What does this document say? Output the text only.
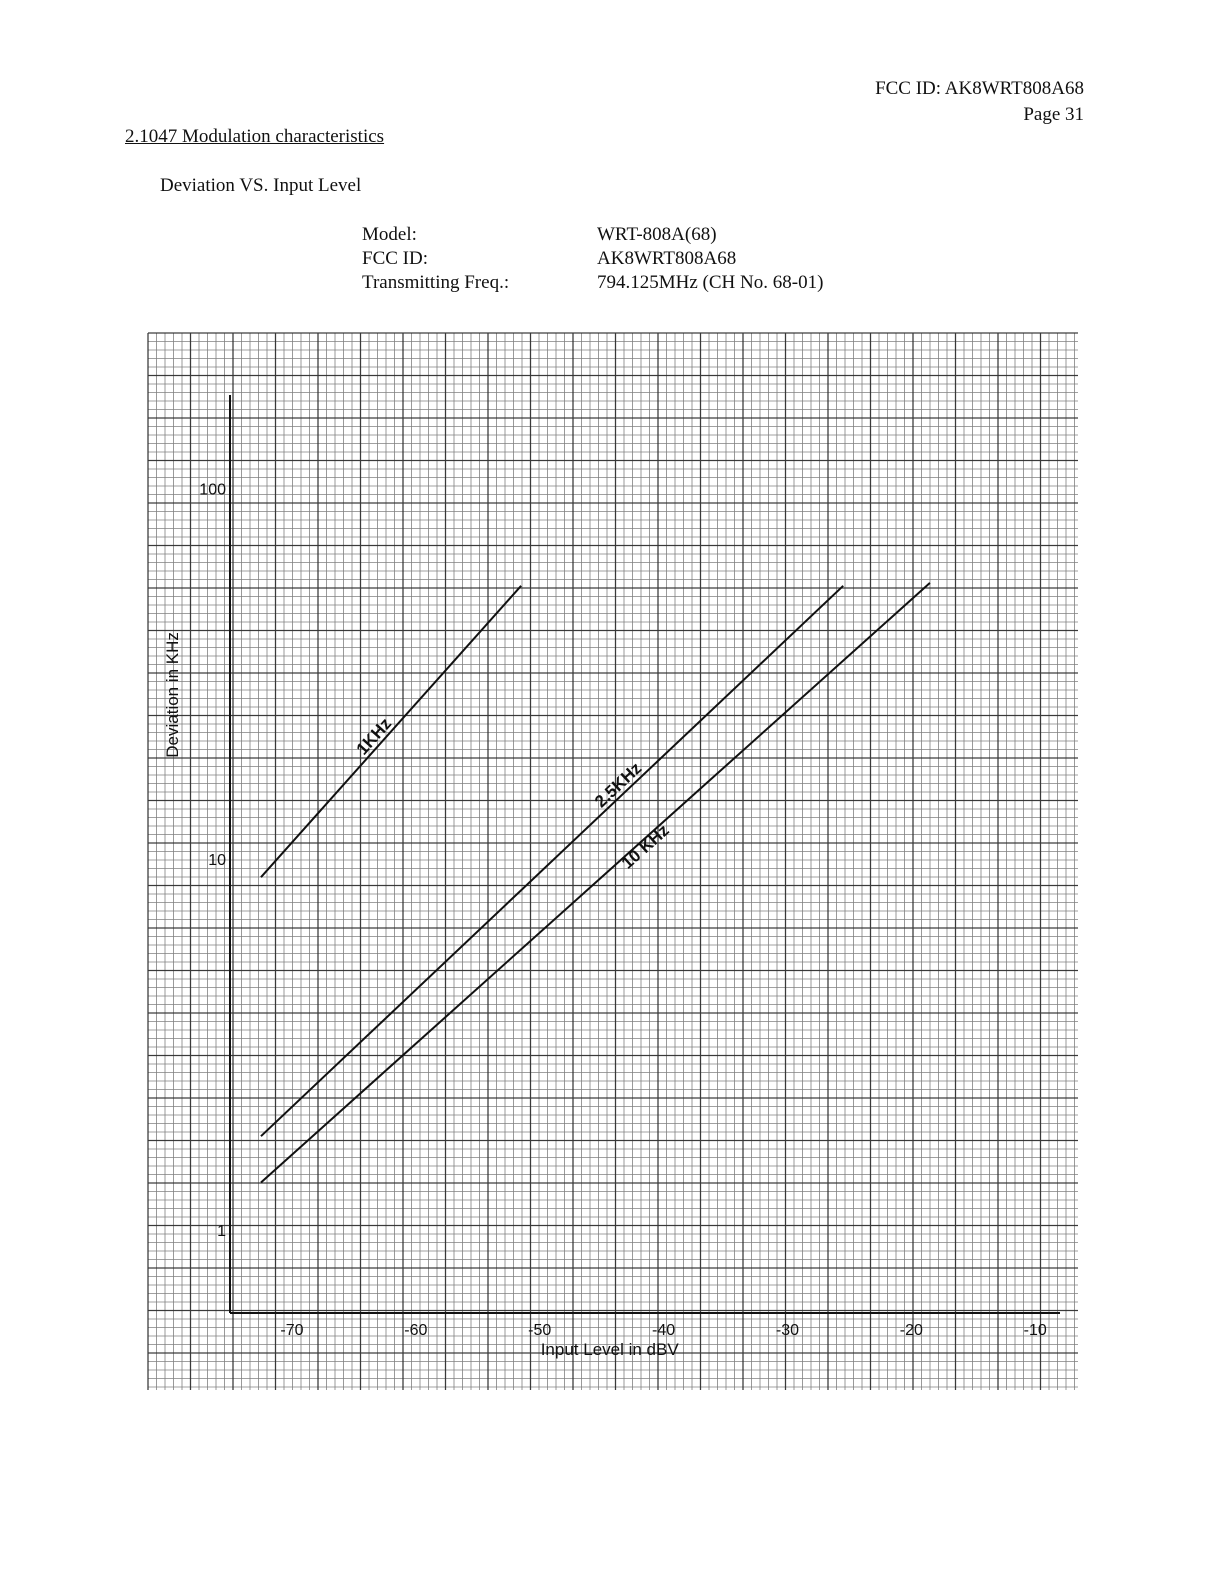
FCC ID: AK8WRT808A68
Page 31
2.1047 Modulation characteristics
Deviation VS. Input Level
Model:	WRT-808A(68)
FCC ID:	AK8WRT808A68
Transmitting Freq.:	794.125MHz (CH No. 68-01)
-70	-60	-50	-40	-30	-20	-10
1
10
100
1KHz
2.5KHz
10 KHz
Input Level in dBV
Deviation in KHz
